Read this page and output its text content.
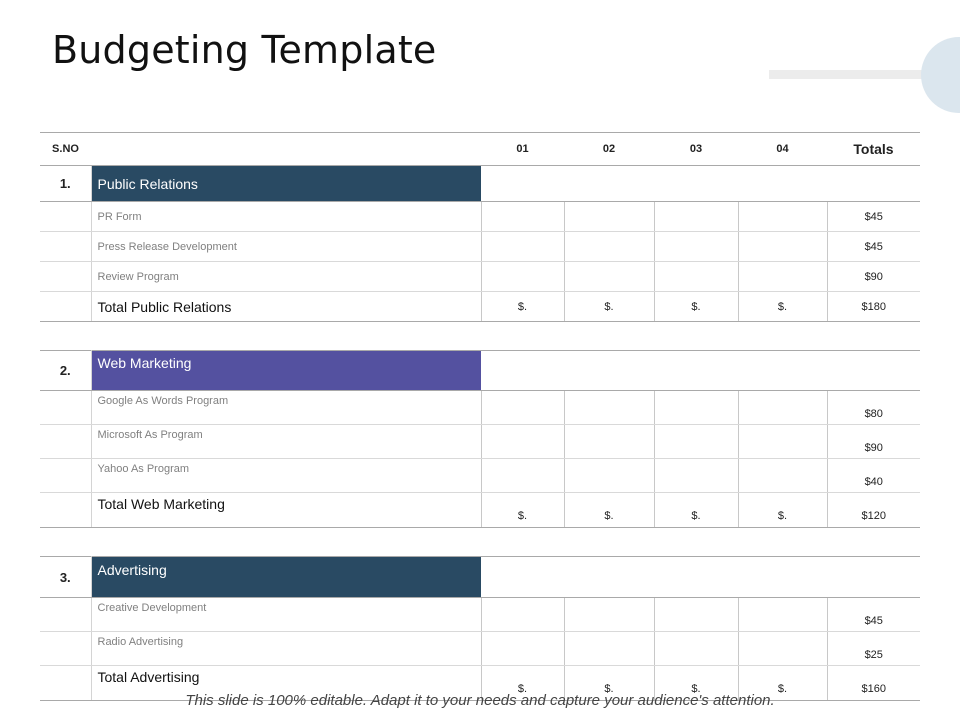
Budgeting Template
S.NO		01	02	03	04	Totals
1.	Public Relations					
	PR Form					$45
	Press Release Development					$45
	Review Program					$90
	Total Public Relations	$.	$.	$.	$.	$180

2.	Web Marketing					
	Google As Words Program					$80
	Microsoft As Program					$90
	Yahoo As Program					$40
	Total Web Marketing	$.	$.	$.	$.	$120

3.	Advertising					
	Creative Development					$45
	Radio Advertising					$25
	Total Advertising	$.	$.	$.	$.	$160
This slide is 100% editable. Adapt it to your needs and capture your audience's attention.
